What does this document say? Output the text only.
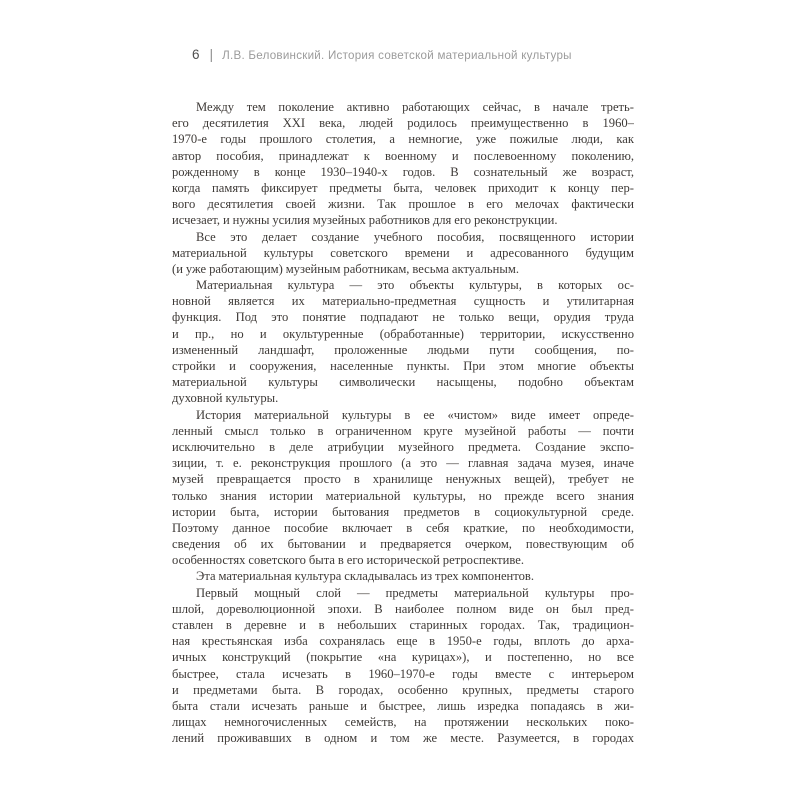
6 | Л.В. Беловинский. История советской материальной культуры
Между тем поколение активно работающих сейчас, в начале треть-
его десятилетия XXI века, людей родилось преимущественно в 1960–
1970-е годы прошлого столетия, а немногие, уже пожилые люди, как
автор пособия, принадлежат к военному и послевоенному поколению,
рожденному в конце 1930–1940-х годов. В сознательный же возраст,
когда память фиксирует предметы быта, человек приходит к концу пер-
вого десятилетия своей жизни. Так прошлое в его мелочах фактически
исчезает, и нужны усилия музейных работников для его реконструкции.
Все это делает создание учебного пособия, посвященного истории
материальной культуры советского времени и адресованного будущим
(и уже работающим) музейным работникам, весьма актуальным.
Материальная культура — это объекты культуры, в которых ос-
новной является их материально-предметная сущность и утилитарная
функция. Под это понятие подпадают не только вещи, орудия труда
и пр., но и окультуренные (обработанные) территории, искусственно
измененный ландшафт, проложенные людьми пути сообщения, по-
стройки и сооружения, населенные пункты. При этом многие объекты
материальной культуры символически насыщены, подобно объектам
духовной культуры.
История материальной культуры в ее «чистом» виде имеет опреде-
ленный смысл только в ограниченном круге музейной работы — почти
исключительно в деле атрибуции музейного предмета. Создание экспо-
зиции, т. е. реконструкция прошлого (а это — главная задача музея, иначе
музей превращается просто в хранилище ненужных вещей), требует не
только знания истории материальной культуры, но прежде всего знания
истории быта, истории бытования предметов в социокультурной среде.
Поэтому данное пособие включает в себя краткие, по необходимости,
сведения об их бытовании и предваряется очерком, повествующим об
особенностях советского быта в его исторической ретроспективе.
Эта материальная культура складывалась из трех компонентов.
Первый мощный слой — предметы материальной культуры про-
шлой, дореволюционной эпохи. В наиболее полном виде он был пред-
ставлен в деревне и в небольших старинных городах. Так, традицион-
ная крестьянская изба сохранялась еще в 1950-е годы, вплоть до арха-
ичных конструкций (покрытие «на курицах»), и постепенно, но все
быстрее, стала исчезать в 1960–1970-е годы вместе с интерьером
и предметами быта. В городах, особенно крупных, предметы старого
быта стали исчезать раньше и быстрее, лишь изредка попадаясь в жи-
лищах немногочисленных семейств, на протяжении нескольких поко-
лений проживавших в одном и том же месте. Разумеется, в городах
